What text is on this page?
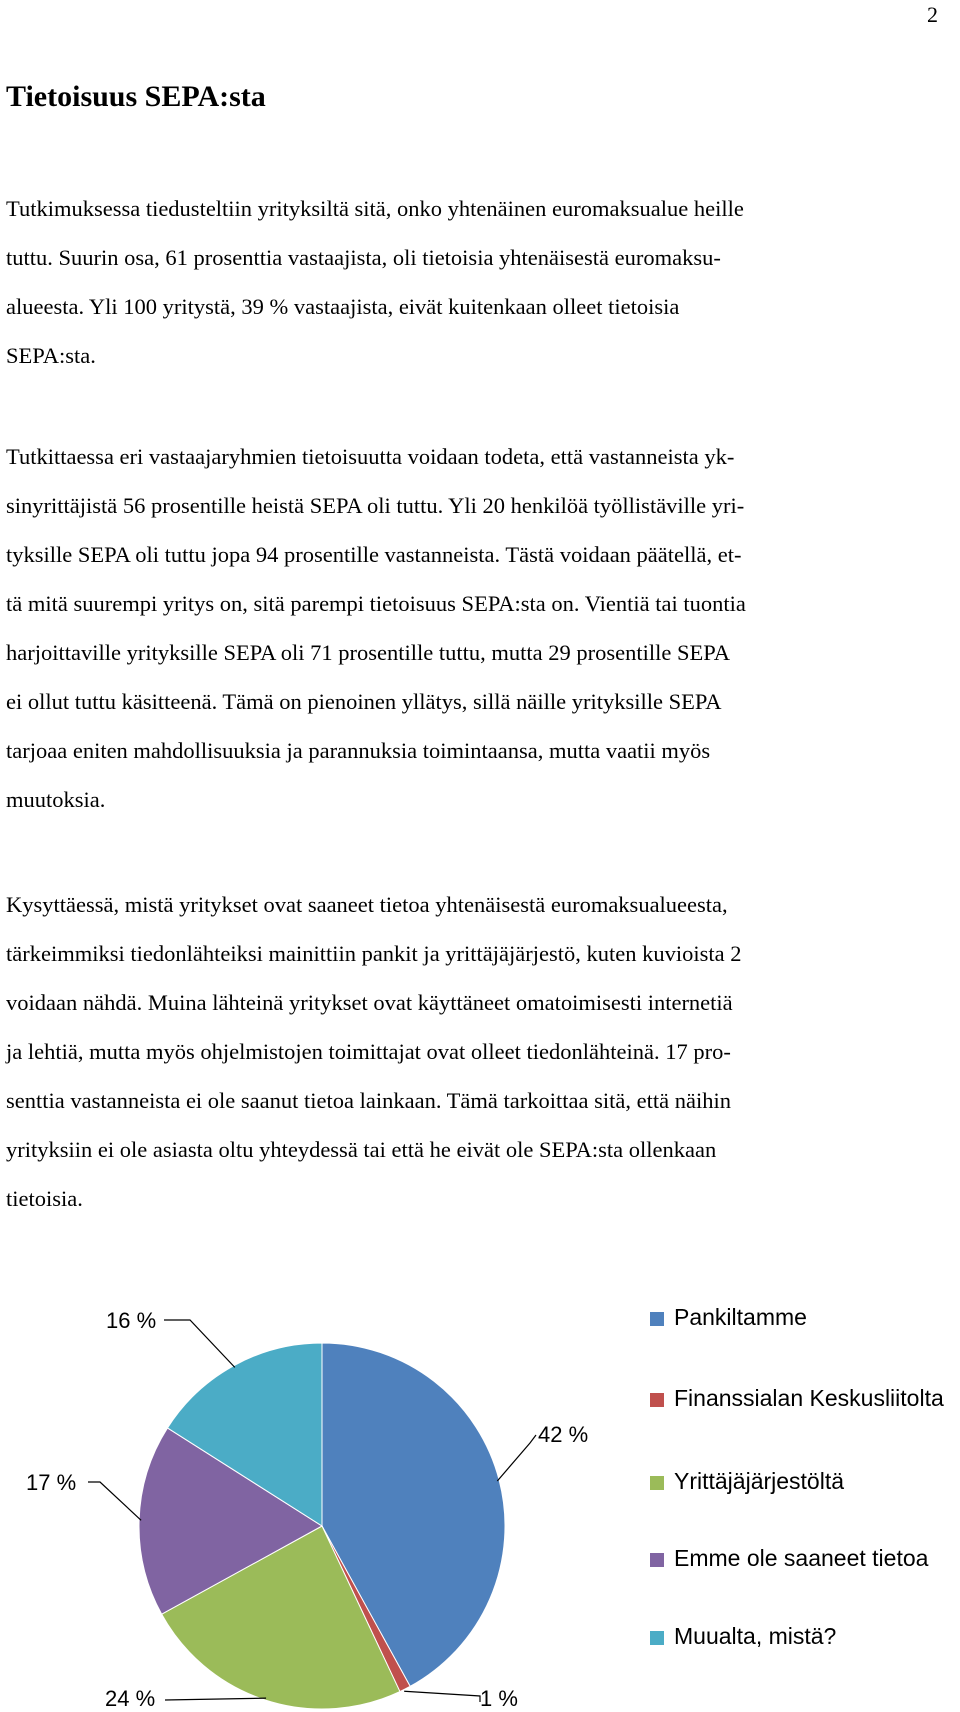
2
Tietoisuus SEPA:sta

Tutkimuksessa tiedusteltiin yrityksiltä sitä, onko yhtenäinen euromaksualue heille
tuttu. Suurin osa, 61 prosenttia vastaajista, oli tietoisia yhtenäisestä euromaksu-
alueesta. Yli 100 yritystä, 39 % vastaajista, eivät kuitenkaan olleet tietoisia
SEPA:sta.

Tutkittaessa eri vastaajaryhmien tietoisuutta voidaan todeta, että vastanneista yk-
sinyrittäjistä 56 prosentille heistä SEPA oli tuttu. Yli 20 henkilöä työllistäville yri-
tyksille SEPA oli tuttu jopa 94 prosentille vastanneista. Tästä voidaan päätellä, et-
tä mitä suurempi yritys on, sitä parempi tietoisuus SEPA:sta on. Vientiä tai tuontia
harjoittaville yrityksille SEPA oli 71 prosentille tuttu, mutta 29 prosentille SEPA
ei ollut tuttu käsitteenä. Tämä on pienoinen yllätys, sillä näille yrityksille SEPA
tarjoaa eniten mahdollisuuksia ja parannuksia toimintaansa, mutta vaatii myös
muutoksia.

Kysyttäessä, mistä yritykset ovat saaneet tietoa yhtenäisestä euromaksualueesta,
tärkeimmiksi tiedonlähteiksi mainittiin pankit ja yrittäjäjärjestö, kuten kuvioista 2
voidaan nähdä. Muina lähteinä yritykset ovat käyttäneet omatoimisesti internetiä
ja lehtiä, mutta myös ohjelmistojen toimittajat ovat olleet tiedonlähteinä. 17 pro-
senttia vastanneista ei ole saanut tietoa lainkaan. Tämä tarkoittaa sitä, että näihin
yrityksiin ei ole asiasta oltu yhteydessä tai että he eivät ole SEPA:sta ollenkaan
tietoisia.

42 %
1 %
24 %
17 %
16 %	Pankiltamme
Finanssialan Keskusliitolta
Yrittäjäjärjestöltä
Emme ole saaneet tietoa
Muualta, mistä?
